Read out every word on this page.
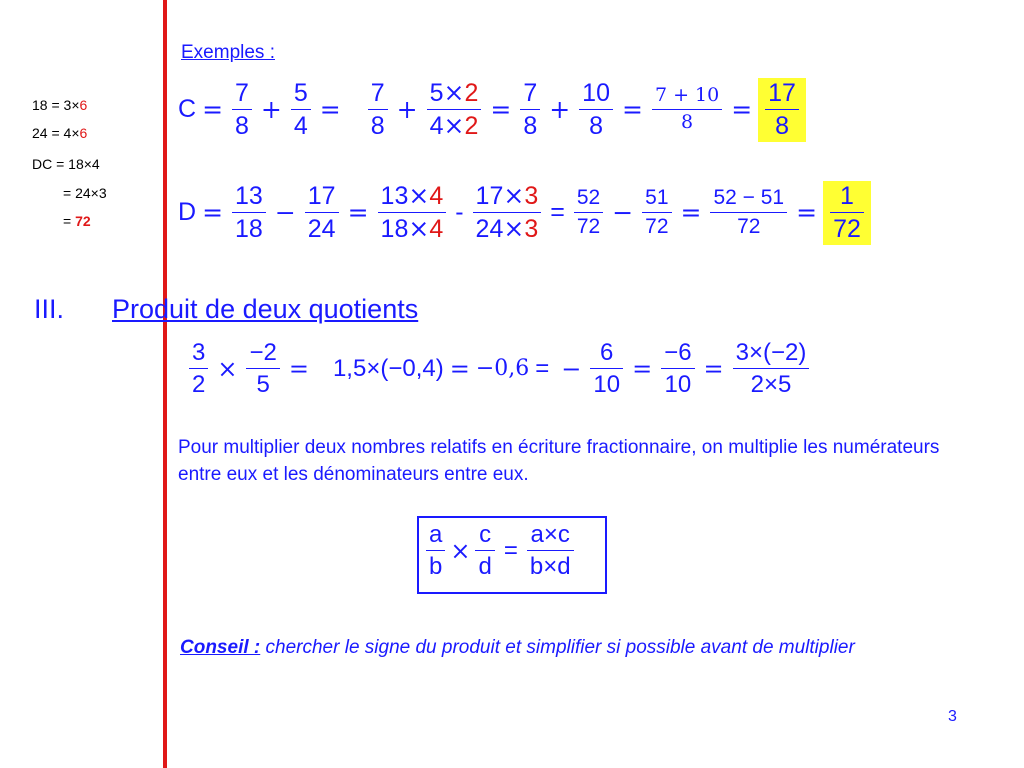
18 = 3×6
24 = 4×6
DC = 18×4
= 24×3
= 72
Exemples :
$C = \frac{7}{8} + \frac{5}{4} = \frac{7}{8} + \frac{5\times 2}{4\times 2} = \frac{7}{8} + \frac{10}{8} = \frac{7 + 10}{8} = \frac{17}{8}$
$D = \frac{13}{18} - \frac{17}{24} = \frac{13\times 4}{18\times 4} - \frac{17\times 3}{24\times 3} = \frac{52}{72} - \frac{51}{72} = \frac{52 - 51}{72} = \frac{1}{72}$
III. Produit de deux quotients
$\frac{3}{2} \times \frac{-2}{5} = 1,5\times(-0,4) = -0,6$ = − $\frac{6}{10} = \frac{-6}{10} = \frac{3\times(-2)}{2\times 5}$
Pour multiplier deux nombres relatifs en écriture fractionnaire, on multiplie les numérateurs entre eux et les dénominateurs entre eux.
$\frac{a}{b} \times \frac{c}{d} = \frac{a\times c}{b\times d}$
Conseil : chercher le signe du produit et simplifier si possible avant de multiplier
3
